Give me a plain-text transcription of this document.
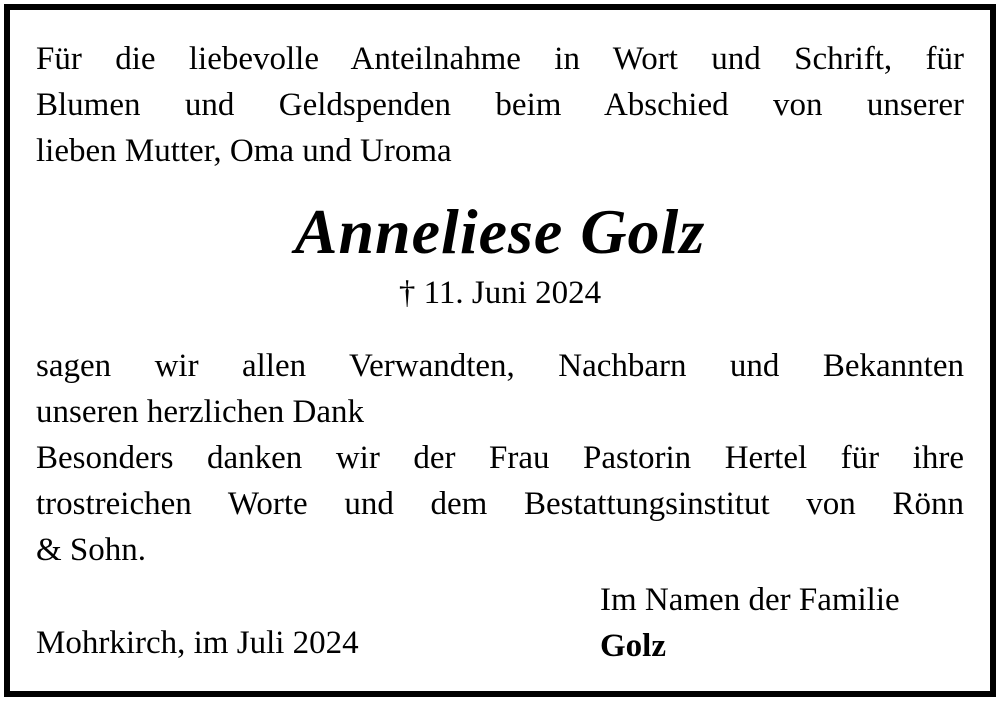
Für die liebevolle Anteilnahme in Wort und Schrift, für
Blumen und Geldspenden beim Abschied von unserer
lieben Mutter, Oma und Uroma
Anneliese Golz
† 11. Juni 2024
sagen wir allen Verwandten, Nachbarn und Bekannten
unseren herzlichen Dank
Besonders danken wir der Frau Pastorin Hertel für ihre
trostreichen Worte und dem Bestattungsinstitut von Rönn
& Sohn.
Mohrkirch, im Juli 2024
Im Namen der Familie
Golz
